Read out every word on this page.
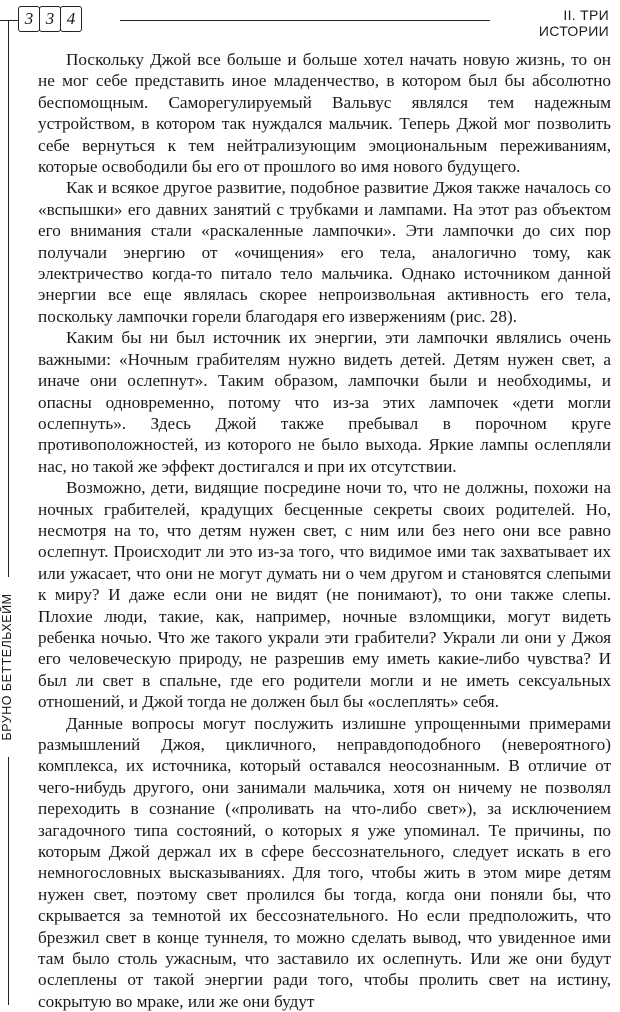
3 3 4	II. ТРИ ИСТОРИИ
БРУНО БЕТТЕЛЬХЕЙМ

Поскольку Джой все больше и больше хотел начать новую жизнь, то он не мог себе представить иное младенчество, в котором был бы абсолютно беспомощным. Саморегулируемый Вальвус являлся тем надежным устройством, в котором так нуждался мальчик. Теперь Джой мог позволить себе вернуться к тем нейтрализующим эмоциональным переживаниям, которые освободили бы его от прошлого во имя нового будущего.

Как и всякое другое развитие, подобное развитие Джоя также началось со «вспышки» его давних занятий с трубками и лампами. На этот раз объектом его внимания стали «раскаленные лампочки». Эти лампочки до сих пор получали энергию от «очищения» его тела, аналогично тому, как электричество когда-то питало тело мальчика. Однако источником данной энергии все еще являлась скорее непроизвольная активность его тела, поскольку лампочки горели благодаря его извержениям (рис. 28).

Каким бы ни был источник их энергии, эти лампочки являлись очень важными: «Ночным грабителям нужно видеть детей. Детям нужен свет, а иначе они ослепнут». Таким образом, лампочки были и необходимы, и опасны одновременно, потому что из-за этих лампочек «дети могли ослепнуть». Здесь Джой также пребывал в порочном круге противоположностей, из которого не было выхода. Яркие лампы ослепляли нас, но такой же эффект достигался и при их отсутствии.

Возможно, дети, видящие посредине ночи то, что не должны, похожи на ночных грабителей, крадущих бесценные секреты своих родителей. Но, несмотря на то, что детям нужен свет, с ним или без него они все равно ослепнут. Происходит ли это из-за того, что видимое ими так захватывает их или ужасает, что они не могут думать ни о чем другом и становятся слепыми к миру? И даже если они не видят (не понимают), то они также слепы. Плохие люди, такие, как, например, ночные взломщики, могут видеть ребенка ночью. Что же такого украли эти грабители? Украли ли они у Джоя его человеческую природу, не разрешив ему иметь какие-либо чувства? И был ли свет в спальне, где его родители могли и не иметь сексуальных отношений, и Джой тогда не должен был бы «ослеплять» себя.

Данные вопросы могут послужить излишне упрощенными примерами размышлений Джоя, цикличного, неправдоподобного (невероятного) комплекса, их источника, который оставался неосознанным. В отличие от чего-нибудь другого, они занимали мальчика, хотя он ничему не позволял переходить в сознание («проливать на что-либо свет»), за исключением загадочного типа состояний, о которых я уже упоминал. Те причины, по которым Джой держал их в сфере бессознательного, следует искать в его немногословных высказываниях. Для того, чтобы жить в этом мире детям нужен свет, поэтому свет пролился бы тогда, когда они поняли бы, что скрывается за темнотой их бессознательного. Но если предположить, что брезжил свет в конце туннеля, то можно сделать вывод, что увиденное ими там было столь ужасным, что заставило их ослепнуть. Или же они будут ослеплены от такой энергии ради того, чтобы пролить свет на истину, сокрытую во мраке, или же они будут
